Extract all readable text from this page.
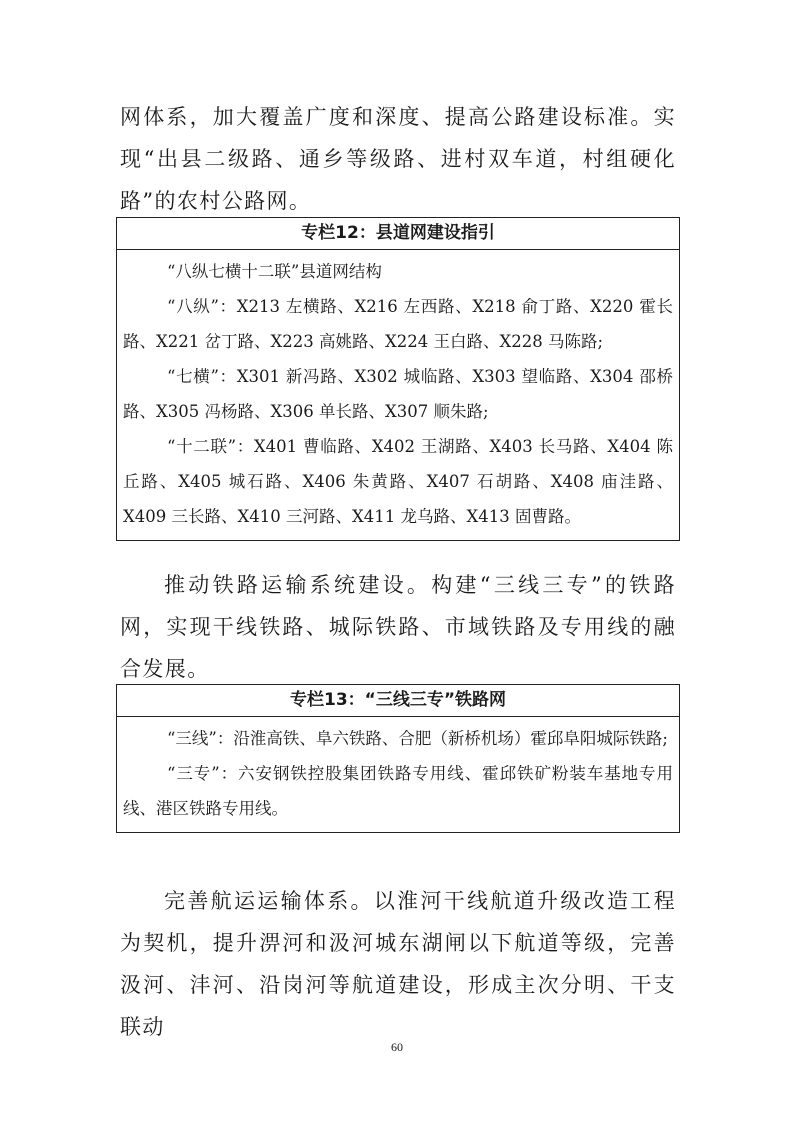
网体系，加大覆盖广度和深度、提高公路建设标准。实现“出县二级路、通乡等级路、进村双车道，村组硬化路”的农村公路网。

专栏12：县道网建设指引

“八纵七横十二联”县道网结构

“八纵”：X213 左横路、X216 左西路、X218 俞丁路、X220 霍长路、X221 岔丁路、X223 高姚路、X224 王白路、X228 马陈路;

“七横”：X301 新冯路、X302 城临路、X303 望临路、X304 邵桥路、X305 冯杨路、X306 单长路、X307 顺朱路;

“十二联”：X401 曹临路、X402 王湖路、X403 长马路、X404 陈丘路、X405 城石路、X406 朱黄路、X407 石胡路、X408 庙洼路、X409 三长路、X410 三河路、X411 龙乌路、X413 固曹路。

推动铁路运输系统建设。构建“三线三专”的铁路网，实现干线铁路、城际铁路、市域铁路及专用线的融合发展。

专栏13：“三线三专”铁路网

“三线”：沿淮高铁、阜六铁路、合肥（新桥机场）霍邱阜阳城际铁路;

“三专”：六安钢铁控股集团铁路专用线、霍邱铁矿粉装车基地专用线、港区铁路专用线。

完善航运运输体系。以淮河干线航道升级改造工程为契机，提升淠河和汲河城东湖闸以下航道等级，完善汲河、沣河、沿岗河等航道建设，形成主次分明、干支联动

60
